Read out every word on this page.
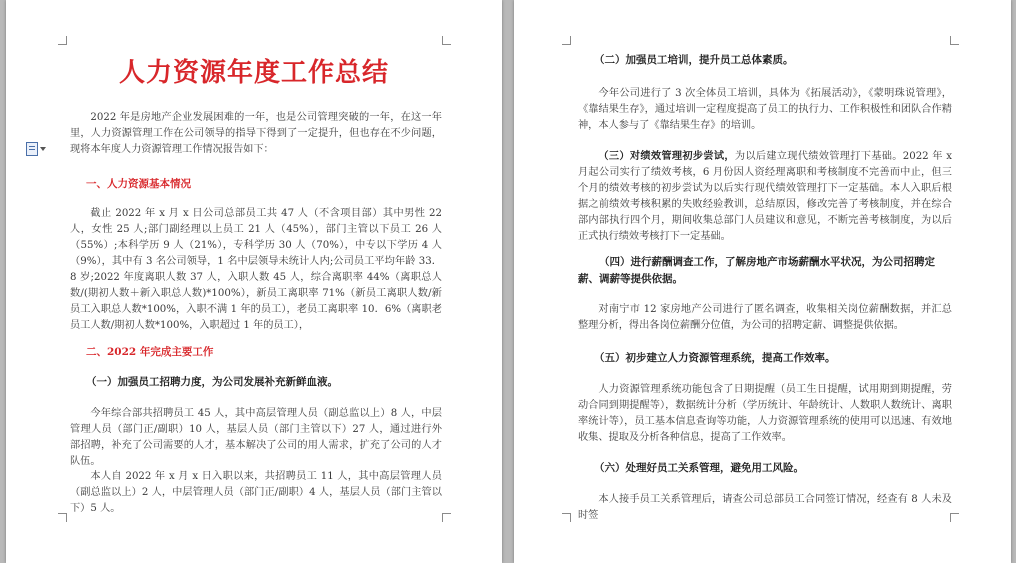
人力资源年度工作总结

2022 年是房地产企业发展困难的一年，也是公司管理突破的一年，在这一年里，人力资源管理工作在公司领导的指导下得到了一定提升，但也存在不少问题，现将本年度人力资源管理工作情况报告如下：

一、人力资源基本情况

截止 2022 年 x 月 x 日公司总部员工共 47 人（不含项目部）其中男性 22 人，女性 25 人;部门副经理以上员工 21 人（45%），部门主管以下员工 26 人（55%）;本科学历 9 人（21%），专科学历 30 人（70%），中专以下学历 4 人（9%），其中有 3 名公司领导，1 名中层领导未统计人内;公司员工平均年龄 33．8 岁;2022 年度离职人数 37 人，入职人数 45 人，综合离职率 44%（离职总人数/(期初人数＋新入职总人数)*100%），新员工离职率 71%（新员工离职人数/新员工入职总人数*100%，入职不满 1 年的员工），老员工离职率 10．6%（离职老员工人数/期初人数*100%，入职超过 1 年的员工），

二、2022 年完成主要工作

（一）加强员工招聘力度，为公司发展补充新鲜血液。

今年综合部共招聘员工 45 人，其中高层管理人员（副总监以上）8 人，中层管理人员（部门正/副职）10 人，基层人员（部门主管以下）27 人，通过进行外部招聘，补充了公司需要的人才，基本解决了公司的用人需求，扩充了公司的人才队伍。

本人自 2022 年 x 月 x 日入职以来，共招聘员工 11 人，其中高层管理人员（副总监以上）2 人，中层管理人员（部门正/副职）4 人，基层人员（部门主管以下）5 人。

（二）加强员工培训，提升员工总体素质。

今年公司进行了 3 次全体员工培训，具体为《拓展活动》，《蒙明珠说管理》，《靠结果生存》，通过培训一定程度提高了员工的执行力、工作积极性和团队合作精神，本人参与了《靠结果生存》的培训。

（三）对绩效管理初步尝试，为以后建立现代绩效管理打下基础。2022 年 x 月起公司实行了绩效考核，6 月份因人资经理离职和考核制度不完善而中止，但三个月的绩效考核的初步尝试为以后实行现代绩效管理打下一定基础。本人入职后根据之前绩效考核积累的失败经验教训，总结原因，修改完善了考核制度，并在综合部内部执行四个月，期间收集总部门人员建议和意见，不断完善考核制度，为以后正式执行绩效考核打下一定基础。

（四）进行薪酬调查工作，了解房地产市场薪酬水平状况，为公司招聘定薪、调薪等提供依据。

对南宁市 12 家房地产公司进行了匿名调查，收集相关岗位薪酬数据，并汇总整理分析，得出各岗位薪酬分位值，为公司的招聘定薪、调整提供依据。

（五）初步建立人力资源管理系统，提高工作效率。

人力资源管理系统功能包含了日期提醒（员工生日提醒，试用期到期提醒，劳动合同到期提醒等），数据统计分析（学历统计、年龄统计、人数职人数统计、离职率统计等），员工基本信息查询等功能，人力资源管理系统的使用可以迅速、有效地收集、提取及分析各种信息，提高了工作效率。

（六）处理好员工关系管理，避免用工风险。

本人接手员工关系管理后，请查公司总部员工合同签订情况，经查有 8 人未及时签
